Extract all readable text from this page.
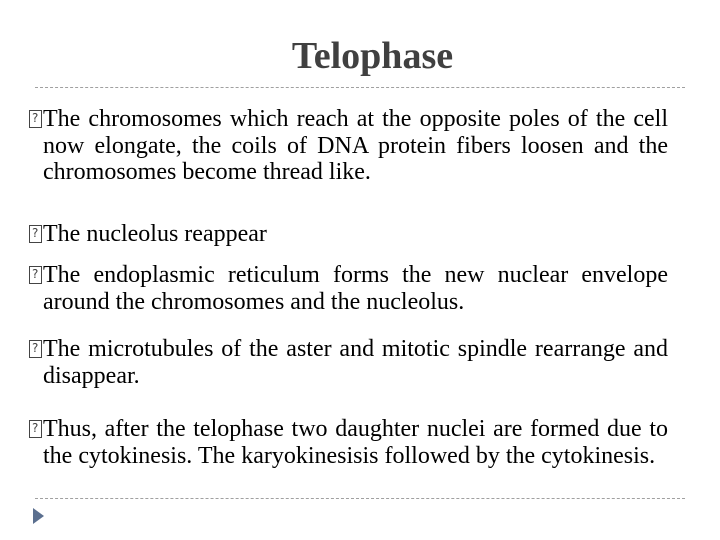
Telophase
?
The chromosomes which reach at the opposite poles of the cell now elongate, the coils of DNA protein fibers loosen and the chromosomes become thread like.
?
The nucleolus reappear
?
The endoplasmic reticulum forms the new nuclear envelope around the chromosomes and the nucleolus.
?
The microtubules of the aster and mitotic spindle rearrange and disappear.
?
Thus, after the telophase two daughter nuclei are formed due to the cytokinesis. The karyokinesisis followed by the cytokinesis.
